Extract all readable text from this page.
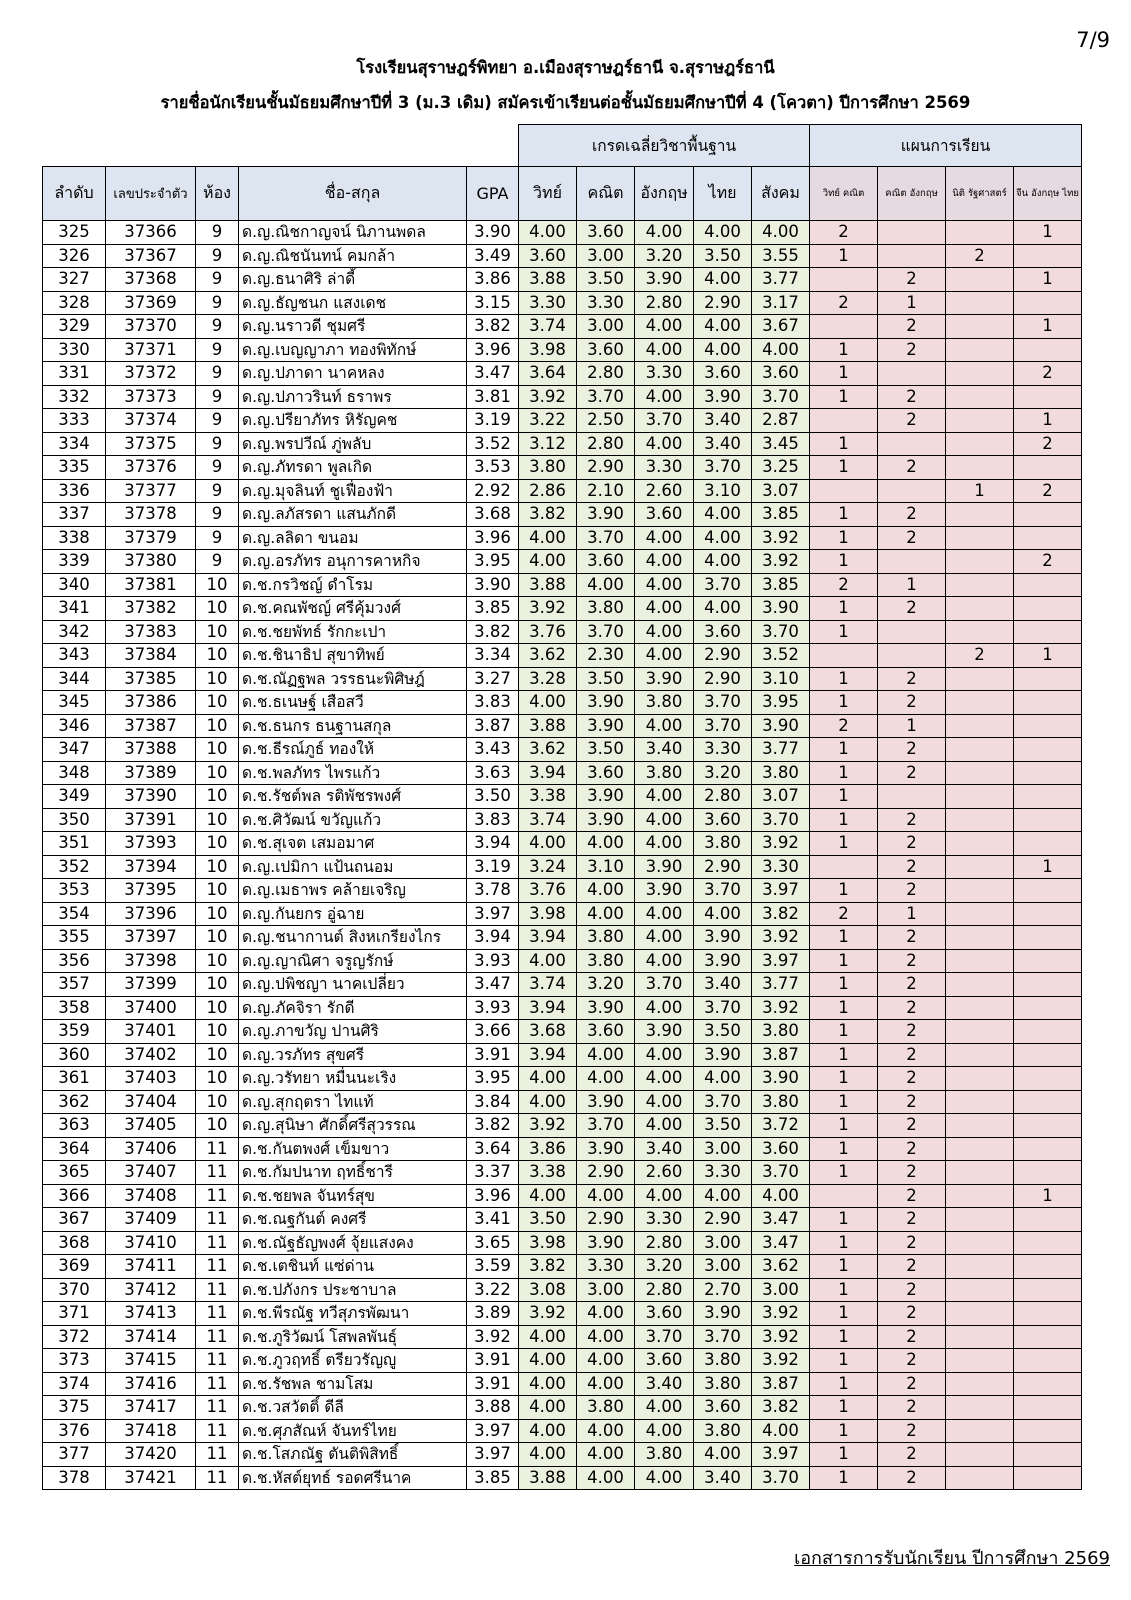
7/9
โรงเรียนสุราษฎร์พิทยา อ.เมืองสุราษฎร์ธานี จ.สุราษฎร์ธานี
รายชื่อนักเรียนชั้นมัธยมศึกษาปีที่ 3 (ม.3 เดิม) สมัครเข้าเรียนต่อชั้นมัธยมศึกษาปีที่ 4 (โควตา) ปีการศึกษา 2569
					เกรดเฉลี่ยวิชาพื้นฐาน					แผนการเรียน			
ลำดับ	เลขประจำตัว	ห้อง	ชื่อ-สกุล	GPA	วิทย์	คณิต	อังกฤษ	ไทย	สังคม	วิทย์ คณิต	คณิต อังกฤษ	นิติ รัฐศาสตร์	จีน อังกฤษ ไทย
325	37366	9	ด.ญ.ณิชกาญจน์ นิภานพดล	3.90	4.00	3.60	4.00	4.00	4.00	2			1
326	37367	9	ด.ญ.ณิชนันทน์ คมกล้า	3.49	3.60	3.00	3.20	3.50	3.55	1		2	
327	37368	9	ด.ญ.ธนาศิริ ล่าดี้	3.86	3.88	3.50	3.90	4.00	3.77		2		1
328	37369	9	ด.ญ.ธัญชนก แสงเดช	3.15	3.30	3.30	2.80	2.90	3.17	2	1		
329	37370	9	ด.ญ.นราวดี ชุมศรี	3.82	3.74	3.00	4.00	4.00	3.67		2		1
330	37371	9	ด.ญ.เบญญาภา ทองพิทักษ์	3.96	3.98	3.60	4.00	4.00	4.00	1	2		
331	37372	9	ด.ญ.ปภาดา นาคหลง	3.47	3.64	2.80	3.30	3.60	3.60	1			2
332	37373	9	ด.ญ.ปภาวรินท์ ธราพร	3.81	3.92	3.70	4.00	3.90	3.70	1	2		
333	37374	9	ด.ญ.ปรียาภัทร หิรัญคช	3.19	3.22	2.50	3.70	3.40	2.87		2		1
334	37375	9	ด.ญ.พรปวีณ์ ภู่พลับ	3.52	3.12	2.80	4.00	3.40	3.45	1			2
335	37376	9	ด.ญ.ภัทรดา พูลเกิด	3.53	3.80	2.90	3.30	3.70	3.25	1	2		
336	37377	9	ด.ญ.มุจลินท์ ชูเฟื่องฟ้า	2.92	2.86	2.10	2.60	3.10	3.07			1	2
337	37378	9	ด.ญ.ลภัสรดา แสนภักดี	3.68	3.82	3.90	3.60	4.00	3.85	1	2		
338	37379	9	ด.ญ.ลลิดา ขนอม	3.96	4.00	3.70	4.00	4.00	3.92	1	2		
339	37380	9	ด.ญ.อรภัทร อนุการคาหกิจ	3.95	4.00	3.60	4.00	4.00	3.92	1			2
340	37381	10	ด.ช.กรวิชญ์ ดำโรม	3.90	3.88	4.00	4.00	3.70	3.85	2	1		
341	37382	10	ด.ช.คณพัชญ์ ศรีคุ้มวงศ์	3.85	3.92	3.80	4.00	4.00	3.90	1	2		
342	37383	10	ด.ช.ชยพัทธ์ รักกะเปา	3.82	3.76	3.70	4.00	3.60	3.70	1			
343	37384	10	ด.ช.ชินาธิป สุขาทิพย์	3.34	3.62	2.30	4.00	2.90	3.52			2	1
344	37385	10	ด.ช.ณัฏฐพล วรรธนะพิศิษฎ์	3.27	3.28	3.50	3.90	2.90	3.10	1	2		
345	37386	10	ด.ช.ธเนษฐ์ เสือสวี	3.83	4.00	3.90	3.80	3.70	3.95	1	2		
346	37387	10	ด.ช.ธนกร ธนฐานสกุล	3.87	3.88	3.90	4.00	3.70	3.90	2	1		
347	37388	10	ด.ช.ธีรณ์ภูธ์ ทองให้	3.43	3.62	3.50	3.40	3.30	3.77	1	2		
348	37389	10	ด.ช.พลภัทร ไพรแก้ว	3.63	3.94	3.60	3.80	3.20	3.80	1	2		
349	37390	10	ด.ช.รัชต์พล รติพัชรพงศ์	3.50	3.38	3.90	4.00	2.80	3.07	1			
350	37391	10	ด.ช.ศิวัฒน์ ขวัญแก้ว	3.83	3.74	3.90	4.00	3.60	3.70	1	2		
351	37393	10	ด.ช.สุเจต เสมอมาศ	3.94	4.00	4.00	4.00	3.80	3.92	1	2		
352	37394	10	ด.ญ.เปมิกา แป้นถนอม	3.19	3.24	3.10	3.90	2.90	3.30		2		1
353	37395	10	ด.ญ.เมธาพร คล้ายเจริญ	3.78	3.76	4.00	3.90	3.70	3.97	1	2		
354	37396	10	ด.ญ.กันยกร อู่ฉาย	3.97	3.98	4.00	4.00	4.00	3.82	2	1		
355	37397	10	ด.ญ.ชนากานต์ สิงหเกรียงไกร	3.94	3.94	3.80	4.00	3.90	3.92	1	2		
356	37398	10	ด.ญ.ญาณิศา จรูญรักษ์	3.93	4.00	3.80	4.00	3.90	3.97	1	2		
357	37399	10	ด.ญ.ปพิชญา นาคเปลี่ยว	3.47	3.74	3.20	3.70	3.40	3.77	1	2		
358	37400	10	ด.ญ.ภัคจิรา รักดี	3.93	3.94	3.90	4.00	3.70	3.92	1	2		
359	37401	10	ด.ญ.ภาขวัญ ปานศิริ	3.66	3.68	3.60	3.90	3.50	3.80	1	2		
360	37402	10	ด.ญ.วรภัทร สุขศรี	3.91	3.94	4.00	4.00	3.90	3.87	1	2		
361	37403	10	ด.ญ.วรัทยา หมื่นนะเริง	3.95	4.00	4.00	4.00	4.00	3.90	1	2		
362	37404	10	ด.ญ.สุกฤตรา ไทแท้	3.84	4.00	3.90	4.00	3.70	3.80	1	2		
363	37405	10	ด.ญ.สุนิษา ศักดิ์ศรีสุวรรณ	3.82	3.92	3.70	4.00	3.50	3.72	1	2		
364	37406	11	ด.ช.กันตพงศ์ เข็มขาว	3.64	3.86	3.90	3.40	3.00	3.60	1	2		
365	37407	11	ด.ช.กัมปนาท ฤทธิ์ชารี	3.37	3.38	2.90	2.60	3.30	3.70	1	2		
366	37408	11	ด.ช.ชยพล จันทร์สุข	3.96	4.00	4.00	4.00	4.00	4.00		2		1
367	37409	11	ด.ช.ณฐกันต์ คงศรี	3.41	3.50	2.90	3.30	2.90	3.47	1	2		
368	37410	11	ด.ช.ณัฐธัญพงศ์ จุ้ยแสงคง	3.65	3.98	3.90	2.80	3.00	3.47	1	2		
369	37411	11	ด.ช.เตชินท์ แซ่ด่าน	3.59	3.82	3.30	3.20	3.00	3.62	1	2		
370	37412	11	ด.ช.ปภังกร ประชาบาล	3.22	3.08	3.00	2.80	2.70	3.00	1	2		
371	37413	11	ด.ช.พีรณัฐ ทวีสุภรพัฒนา	3.89	3.92	4.00	3.60	3.90	3.92	1	2		
372	37414	11	ด.ช.ภูริวัฒน์ โสพลพันธุ์	3.92	4.00	4.00	3.70	3.70	3.92	1	2		
373	37415	11	ด.ช.ภูวฤทธิ์ ตรียวรัญญู	3.91	4.00	4.00	3.60	3.80	3.92	1	2		
374	37416	11	ด.ช.รัชพล ชามโสม	3.91	4.00	4.00	3.40	3.80	3.87	1	2		
375	37417	11	ด.ช.วสวัตติ์ ดีลี	3.88	4.00	3.80	4.00	3.60	3.82	1	2		
376	37418	11	ด.ช.ศุภสัณห์ จันทร์ไทย	3.97	4.00	4.00	4.00	3.80	4.00	1	2		
377	37420	11	ด.ช.โสภณัฐ ตันติพิสิทธิ์	3.97	4.00	4.00	3.80	4.00	3.97	1	2		
378	37421	11	ด.ช.หัสต์ยุทธ์ รอดศรีนาค	3.85	3.88	4.00	4.00	3.40	3.70	1	2		
เอกสารการรับนักเรียน ปีการศึกษา 2569
